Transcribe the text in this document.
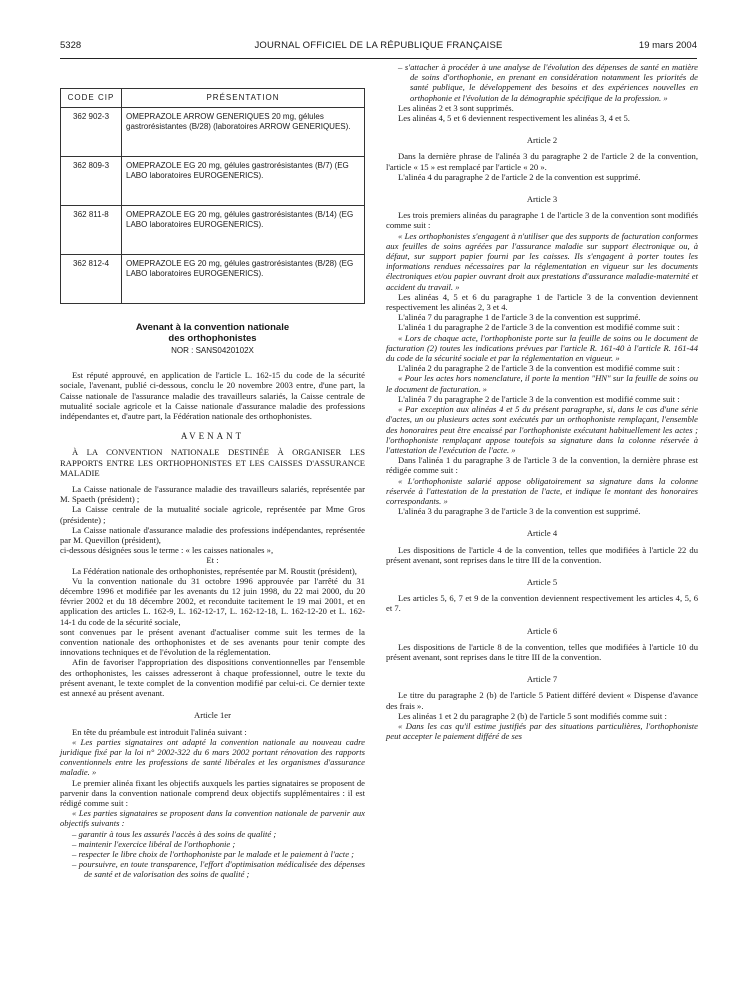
5328	JOURNAL OFFICIEL DE LA RÉPUBLIQUE FRANÇAISE	19 mars 2004
CODE CIP	PRÉSENTATION
362 902-3	OMEPRAZOLE ARROW GENERIQUES 20 mg, gélules gastrorésistantes (B/28) (laboratoires ARROW GENERIQUES).
362 809-3	OMEPRAZOLE EG 20 mg, gélules gastrorésistantes (B/7) (EG LABO laboratoires EUROGENERICS).
362 811-8	OMEPRAZOLE EG 20 mg, gélules gastrorésistantes (B/14) (EG LABO laboratoires EUROGENERICS).
362 812-4	OMEPRAZOLE EG 20 mg, gélules gastrorésistantes (B/28) (EG LABO laboratoires EUROGENERICS).
Avenant à la convention nationale des orthophonistes
NOR : SANS0420102X

Est réputé approuvé, en application de l'article L. 162-15 du code de la sécurité sociale, l'avenant, publié ci-dessous, conclu le 20 novembre 2003 entre, d'une part, la Caisse nationale de l'assurance maladie des travailleurs salariés, la Caisse centrale de mutualité sociale agricole et la Caisse nationale d'assurance maladie des professions indépendantes et, d'autre part, la Fédération nationale des orthophonistes.

AVENANT

À LA CONVENTION NATIONALE DESTINÉE À ORGANISER LES RAPPORTS ENTRE LES ORTHOPHONISTES ET LES CAISSES D'ASSURANCE MALADIE

La Caisse nationale de l'assurance maladie des travailleurs salariés, représentée par M. Spaeth (président) ;

La Caisse centrale de la mutualité sociale agricole, représentée par Mme Gros (présidente) ;

La Caisse nationale d'assurance maladie des professions indépendantes, représentée par M. Quevillon (président),

ci-dessous désignées sous le terme : « les caisses nationales »,

Et :

La Fédération nationale des orthophonistes, représentée par M. Roustit (président),

Vu la convention nationale du 31 octobre 1996 approuvée par l'arrêté du 31 décembre 1996 et modifiée par les avenants du 12 juin 1998, du 22 mai 2000, du 20 février 2002 et du 18 décembre 2002, et reconduite tacitement le 19 mai 2001, et en application des articles L. 162-9, L. 162-12-17, L. 162-12-18, L. 162-12-20 et L. 162-14-1 du code de la sécurité sociale,

sont convenues par le présent avenant d'actualiser comme suit les termes de la convention nationale des orthophonistes et de ses avenants pour tenir compte des innovations techniques et de l'évolution de la réglementation.

Afin de favoriser l'appropriation des dispositions conventionnelles par l'ensemble des orthophonistes, les caisses adresseront à chaque professionnel, outre le texte du présent avenant, le texte complet de la convention modifié par celui-ci. Ce dernier texte est annexé au présent avenant.

Article 1er

En tête du préambule est introduit l'alinéa suivant :

« Les parties signataires ont adapté la convention nationale au nouveau cadre juridique fixé par la loi n° 2002-322 du 6 mars 2002 portant rénovation des rapports conventionnels entre les professions de santé libérales et les organismes d'assurance maladie. »

Le premier alinéa fixant les objectifs auxquels les parties signataires se proposent de parvenir dans la convention nationale comprend deux objectifs supplémentaires : il est rédigé comme suit :

« Les parties signataires se proposent dans la convention nationale de parvenir aux objectifs suivants :

– garantir à tous les assurés l'accès à des soins de qualité ;

– maintenir l'exercice libéral de l'orthophonie ;

– respecter le libre choix de l'orthophoniste par le malade et le paiement à l'acte ;

– poursuivre, en toute transparence, l'effort d'optimisation médicalisée des dépenses de santé et de valorisation des soins de qualité ;

– s'attacher à procéder à une analyse de l'évolution des dépenses de santé en matière de soins d'orthophonie, en prenant en considération notamment les priorités de santé publique, le développement des besoins et des expériences nouvelles en orthophonie et l'évolution de la démographie spécifique de la profession. »

Les alinéas 2 et 3 sont supprimés.

Les alinéas 4, 5 et 6 deviennent respectivement les alinéas 3, 4 et 5.

Article 2

Dans la dernière phrase de l'alinéa 3 du paragraphe 2 de l'article 2 de la convention, l'article « 15 » est remplacé par l'article « 20 ».

L'alinéa 4 du paragraphe 2 de l'article 2 de la convention est supprimé.

Article 3

Les trois premiers alinéas du paragraphe 1 de l'article 3 de la convention sont modifiés comme suit :

« Les orthophonistes s'engagent à n'utiliser que des supports de facturation conformes aux feuilles de soins agréées par l'assurance maladie sur support électronique ou, à défaut, sur support papier fourni par les caisses. Ils s'engagent à porter toutes les informations rendues nécessaires par la réglementation en vigueur sur les documents électroniques et/ou papier ouvrant droit aux prestations d'assurance maladie-maternité et accident du travail. »

Les alinéas 4, 5 et 6 du paragraphe 1 de l'article 3 de la convention deviennent respectivement les alinéas 2, 3 et 4.

L'alinéa 7 du paragraphe 1 de l'article 3 de la convention est supprimé.

L'alinéa 1 du paragraphe 2 de l'article 3 de la convention est modifié comme suit :

« Lors de chaque acte, l'orthophoniste porte sur la feuille de soins ou le document de facturation (2) toutes les indications prévues par l'article R. 161-40 à l'article R. 161-44 du code de la sécurité sociale et par la réglementation en vigueur. »

L'alinéa 2 du paragraphe 2 de l'article 3 de la convention est modifié comme suit :

« Pour les actes hors nomenclature, il porte la mention "HN" sur la feuille de soins ou le document de facturation. »

L'alinéa 7 du paragraphe 2 de l'article 3 de la convention est modifié comme suit :

« Par exception aux alinéas 4 et 5 du présent paragraphe, si, dans le cas d'une série d'actes, un ou plusieurs actes sont exécutés par un orthophoniste remplaçant, l'ensemble des honoraires peut être encaissé par l'orthophoniste exécutant habituellement les actes ; l'orthophoniste remplaçant appose toutefois sa signature dans la colonne réservée à l'attestation de l'exécution de l'acte. »

Dans l'alinéa 1 du paragraphe 3 de l'article 3 de la convention, la dernière phrase est rédigée comme suit :

« L'orthophoniste salarié appose obligatoirement sa signature dans la colonne réservée à l'attestation de la prestation de l'acte, et indique le montant des honoraires correspondants. »

L'alinéa 3 du paragraphe 3 de l'article 3 de la convention est supprimé.

Article 4

Les dispositions de l'article 4 de la convention, telles que modifiées à l'article 22 du présent avenant, sont reprises dans le titre III de la convention.

Article 5

Les articles 5, 6, 7 et 9 de la convention deviennent respectivement les articles 4, 5, 6 et 7.

Article 6

Les dispositions de l'article 8 de la convention, telles que modifiées à l'article 10 du présent avenant, sont reprises dans le titre III de la convention.

Article 7

Le titre du paragraphe 2 (b) de l'article 5 Patient différé devient « Dispense d'avance des frais ».

Les alinéas 1 et 2 du paragraphe 2 (b) de l'article 5 sont modifiés comme suit :

« Dans les cas qu'il estime justifiés par des situations particulières, l'orthophoniste peut accepter le paiement différé de ses
